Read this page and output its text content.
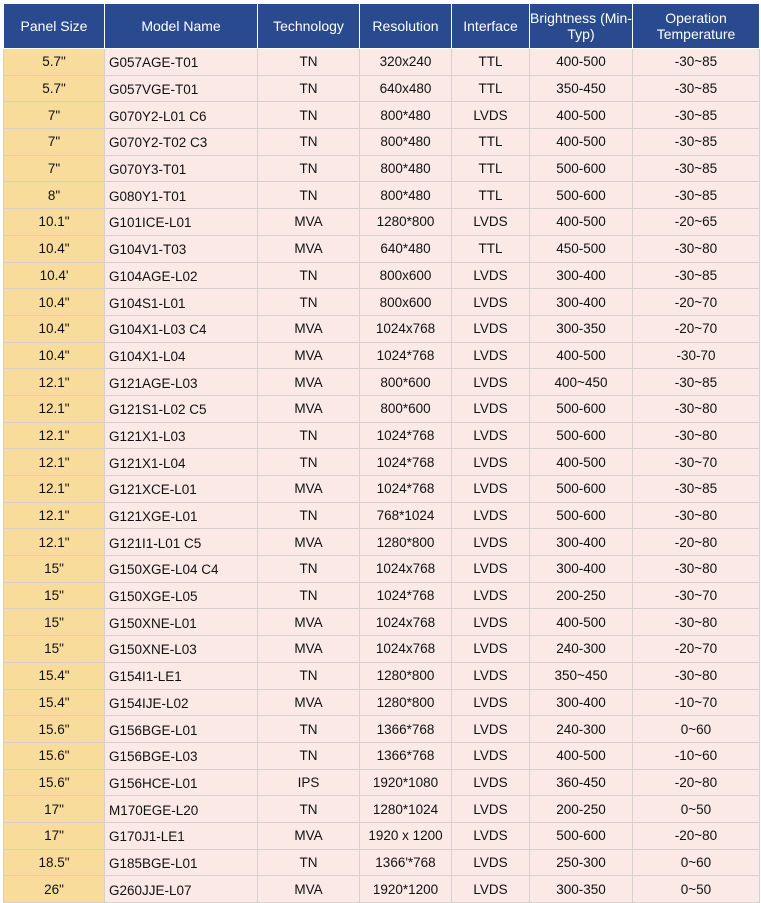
Panel Size	Model Name	Technology	Resolution	Interface	Brightness (Min-Typ)	Operation Temperature
5.7"	G057AGE-T01	TN	320x240	TTL	400-500	-30~85
5.7"	G057VGE-T01	TN	640x480	TTL	350-450	-30~85
7"	G070Y2-L01 C6	TN	800*480	LVDS	400-500	-30~85
7"	G070Y2-T02 C3	TN	800*480	TTL	400-500	-30~85
7"	G070Y3-T01	TN	800*480	TTL	500-600	-30~85
8"	G080Y1-T01	TN	800*480	TTL	500-600	-30~85
10.1"	G101ICE-L01	MVA	1280*800	LVDS	400-500	-20~65
10.4"	G104V1-T03	MVA	640*480	TTL	450-500	-30~80
10.4'	G104AGE-L02	TN	800x600	LVDS	300-400	-30~85
10.4"	G104S1-L01	TN	800x600	LVDS	300-400	-20~70
10.4"	G104X1-L03 C4	MVA	1024x768	LVDS	300-350	-20~70
10.4"	G104X1-L04	MVA	1024*768	LVDS	400-500	-30-70
12.1"	G121AGE-L03	MVA	800*600	LVDS	400~450	-30~85
12.1"	G121S1-L02 C5	MVA	800*600	LVDS	500-600	-30~80
12.1"	G121X1-L03	TN	1024*768	LVDS	500-600	-30~80
12.1"	G121X1-L04	TN	1024*768	LVDS	400-500	-30~70
12.1"	G121XCE-L01	MVA	1024*768	LVDS	500-600	-30~85
12.1"	G121XGE-L01	TN	768*1024	LVDS	500-600	-30~80
12.1"	G121I1-L01 C5	MVA	1280*800	LVDS	300-400	-20~80
15"	G150XGE-L04 C4	TN	1024x768	LVDS	300-400	-30~80
15"	G150XGE-L05	TN	1024*768	LVDS	200-250	-30~70
15"	G150XNE-L01	MVA	1024x768	LVDS	400-500	-30~80
15"	G150XNE-L03	MVA	1024x768	LVDS	240-300	-20~70
15.4"	G154I1-LE1	TN	1280*800	LVDS	350~450	-30~80
15.4"	G154IJE-L02	MVA	1280*800	LVDS	300-400	-10~70
15.6"	G156BGE-L01	TN	1366*768	LVDS	240-300	0~60
15.6"	G156BGE-L03	TN	1366*768	LVDS	400-500	-10~60
15.6"	G156HCE-L01	IPS	1920*1080	LVDS	360-450	-20~80
17"	M170EGE-L20	TN	1280*1024	LVDS	200-250	0~50
17"	G170J1-LE1	MVA	1920 x 1200	LVDS	500-600	-20~80
18.5"	G185BGE-L01	TN	1366'*768	LVDS	250-300	0~60
26"	G260JJE-L07	MVA	1920*1200	LVDS	300-350	0~50
